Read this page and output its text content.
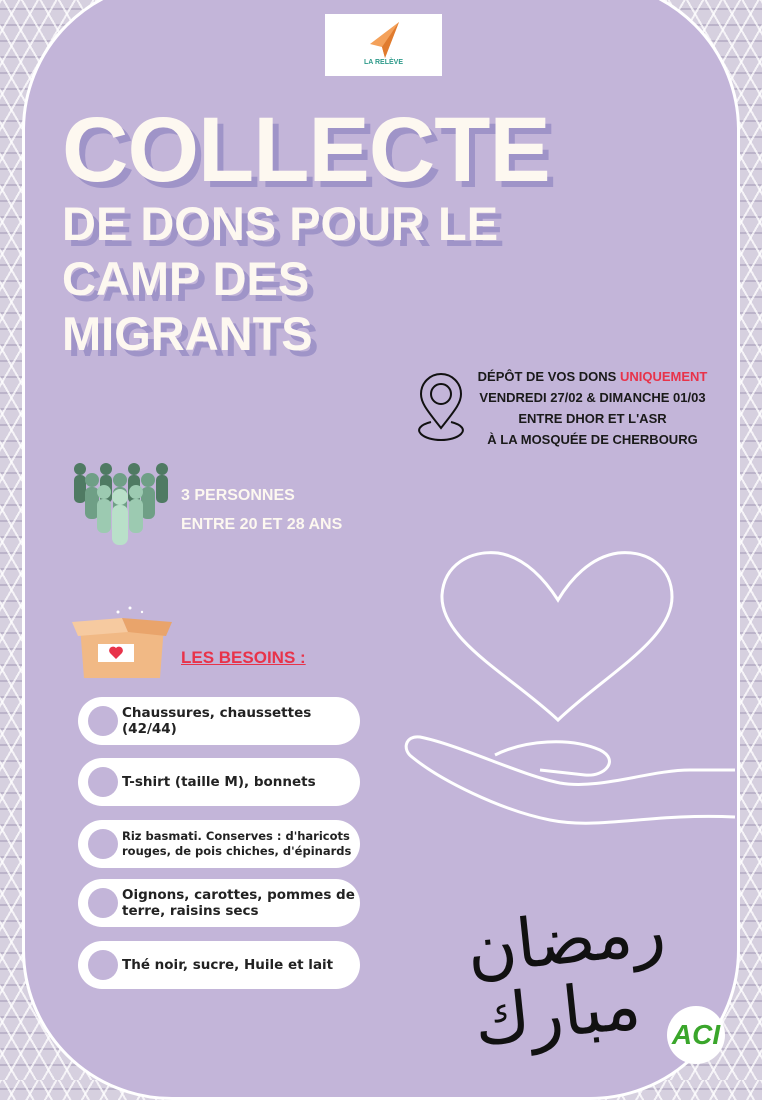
LA RELÈVE
COLLECTE
DE DONS POUR LE
CAMP DES
MIGRANTS
DÉPÔT DE VOS DONS UNIQUEMENT
VENDREDI 27/02 & DIMANCHE 01/03
ENTRE DHOR ET L'ASR
À LA MOSQUÉE DE CHERBOURG
3 PERSONNES
ENTRE 20 ET 28 ANS
LES BESOINS :
Chaussures, chaussettes (42/44)
T-shirt (taille M), bonnets
Riz basmati. Conserves : d'haricots rouges, de pois chiches, d'épinards
Oignons, carottes, pommes de terre, raisins secs
Thé noir, sucre, Huile et lait رمضان مبارك ACI
